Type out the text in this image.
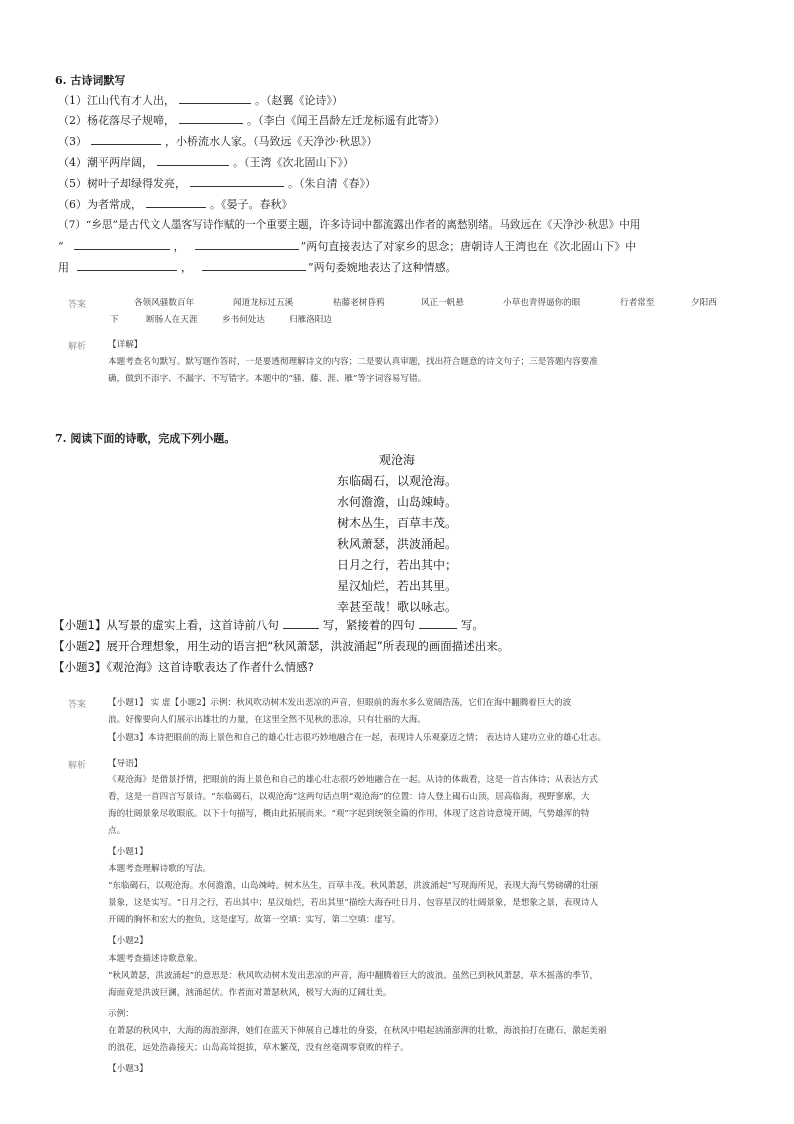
6. 古诗词默写
（1）江山代有才人出，	。（赵翼《论诗》）
（2）杨花落尽子规啼，	。（李白《闻王昌龄左迁龙标遥有此寄》）
（3）	，小桥流水人家。（马致远《天净沙·秋思》）
（4）潮平两岸阔，	。（王湾《次北固山下》）
（5）树叶子却绿得发亮，	。（朱自清《春》）
（6）为者常成，	。《晏子。春秋》
（7）“乡思”是古代文人墨客写诗作赋的一个重要主题，许多诗词中都流露出作者的离愁别绪。马致远在《天净沙·秋思》中用
“	，	”两句直接表达了对家乡的思念；唐朝诗人王湾也在《次北固山下》中
用	，	”两句委婉地表达了这种情感。
答案	各领风骚数百年	闻道龙标过五溪	枯藤老树昏鸦	风正一帆悬	小草也青得逼你的眼	行者常至	夕阳西
下	断肠人在天涯	乡书何处达	归雁洛阳边
解析	【详解】
本题考查名句默写。默写题作答时，一是要透彻理解诗文的内容；二是要认真审题，找出符合题意的诗文句子；三是答题内容要准
确，做到不添字、不漏字、不写错字。本题中的“骚、藤、涯、雁”等字词容易写错。
7. 阅读下面的诗歌，完成下列小题。
观沧海
东临碣石，以观沧海。
水何澹澹，山岛竦峙。
树木丛生，百草丰茂。
秋风萧瑟，洪波涌起。
日月之行，若出其中；
星汉灿烂，若出其里。
幸甚至哉！歌以咏志。
【小题1】从写景的虚实上看，这首诗前八句	写，紧接着的四句	写。
【小题2】展开合理想象，用生动的语言把“秋风萧瑟，洪波涌起”所表现的画面描述出来。
【小题3】《观沧海》这首诗歌表达了作者什么情感?
答案	【小题1】 实 虚【小题2】示例：秋风吹动树木发出悲凉的声音，但眼前的海水多么宽阔浩荡，它们在海中翻腾着巨大的波
浪。好像要向人们展示出雄壮的力量，在这里全然不见秋的悲凉，只有壮丽的大海。
【小题3】本诗把眼前的海上景色和自己的雄心壮志很巧妙地融合在一起，表现诗人乐观豪迈之情； 表达诗人建功立业的雄心壮志。
解析	【导语】
《观沧海》是借景抒情，把眼前的海上景色和自己的雄心壮志很巧妙地融合在一起。从诗的体裁看，这是一首古体诗；从表达方式
看，这是一首四言写景诗。“东临碣石，以观沧海”这两句话点明“观沧海”的位置：诗人登上碣石山顶，居高临海，视野寥廓，大
海的壮阔景象尽收眼底。以下十句描写，概由此拓展而来。“观”字起到统领全篇的作用，体现了这首诗意境开阔，气势雄浑的特
点。
【小题1】
本题考查理解诗歌的写法。
“东临碣石，以观沧海。水何澹澹，山岛竦峙。树木丛生，百草丰茂。秋风萧瑟，洪波涌起”写现海所见，表现大海气势磅礴的壮丽
景象，这是实写。“日月之行，若出其中；星汉灿烂，若出其里”描绘大海吞吐日月、包容星汉的壮阔景象，是想象之景，表现诗人
开阔的胸怀和宏大的抱负，这是虚写。故第一空填：实写，第二空填：虚写。
【小题2】
本题考查描述诗歌意象。
“秋风萧瑟，洪波涌起”的意思是：秋风吹动树木发出悲凉的声音，海中翻腾着巨大的波浪。虽然已到秋风萧瑟，草木摇落的季节，
海面竟是洪波巨澜，汹涌起伏。作者面对萧瑟秋风，极写大海的辽阔壮美。
示例：
在萧瑟的秋风中，大海的海浪澎湃，她们在蓝天下伸展自己雄壮的身姿，在秋风中唱起汹涌澎湃的壮歌，海浪拍打在礁石，激起美丽
的浪花，远处浩淼接天；山岛高耸挺拔，草木繁茂，没有丝毫凋零衰败的样子。
【小题3】
